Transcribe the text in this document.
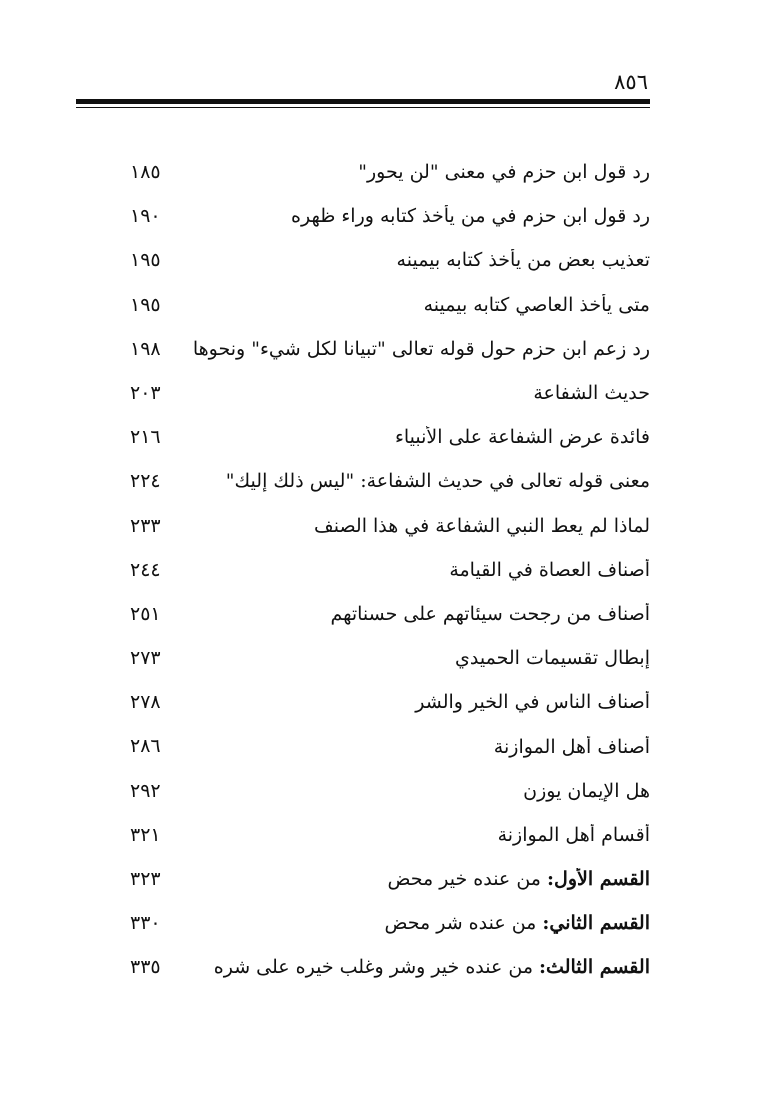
٨٥٦
رد قول ابن حزم في معنى "لن يحور"
١٨٥
رد قول ابن حزم في من يأخذ كتابه وراء ظهره
١٩٠
تعذيب بعض من يأخذ كتابه بيمينه
١٩٥
متى يأخذ العاصي كتابه بيمينه
١٩٥
رد زعم ابن حزم حول قوله تعالى "تبيانا لكل شيء" ونحوها
١٩٨
حديث الشفاعة
٢٠٣
فائدة عرض الشفاعة على الأنبياء
٢١٦
معنى قوله تعالى في حديث الشفاعة: "ليس ذلك إليك"
٢٢٤
لماذا لم يعط النبي الشفاعة في هذا الصنف
٢٣٣
أصناف العصاة في القيامة
٢٤٤
أصناف من رجحت سيئاتهم على حسناتهم
٢٥١
إبطال تقسيمات الحميدي
٢٧٣
أصناف الناس في الخير والشر
٢٧٨
أصناف أهل الموازنة
٢٨٦
هل الإيمان يوزن
٢٩٢
أقسام أهل الموازنة
٣٢١
القسم الأول: من عنده خير محض
٣٢٣
القسم الثاني: من عنده شر محض
٣٣٠
القسم الثالث: من عنده خير وشر وغلب خيره على شره
٣٣٥
